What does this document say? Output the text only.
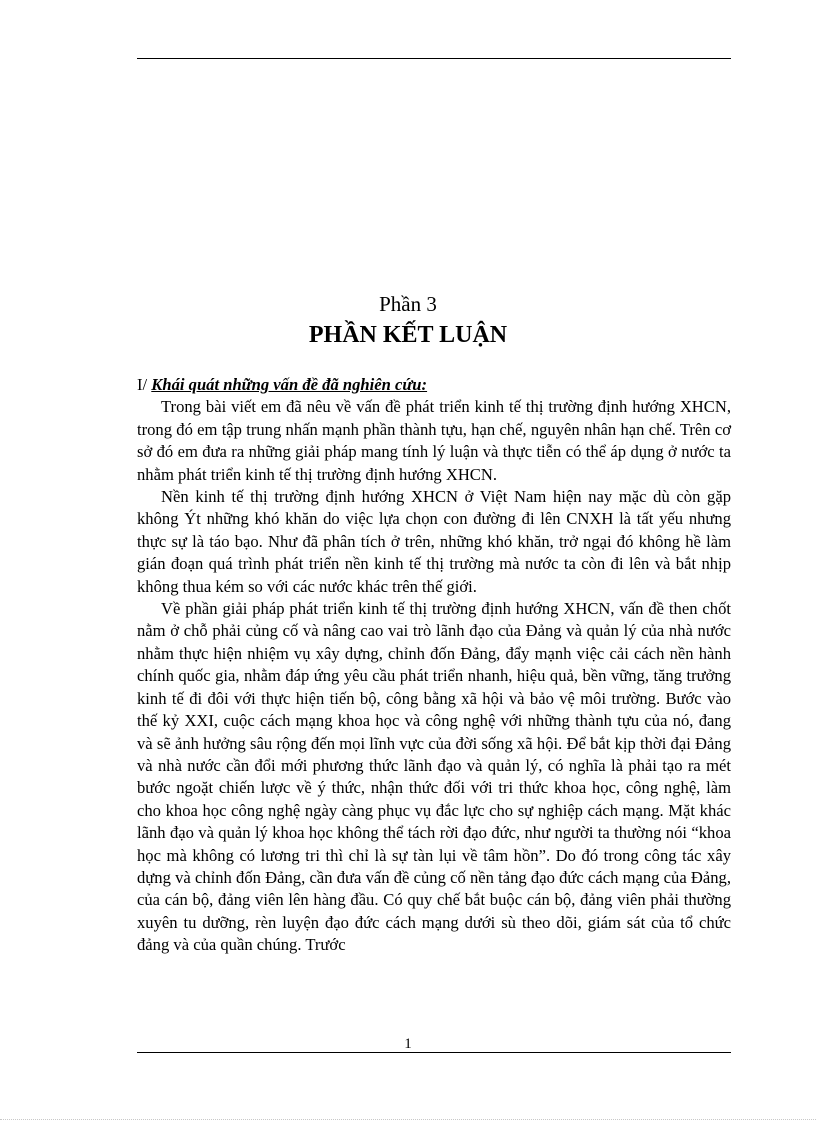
Phần 3
PHẦN KẾT LUẬN

I/ Khái quát những vấn đề đã nghiên cứu:

Trong bài viết em đã nêu về vấn đề phát triển kinh tế thị trường định hướng XHCN, trong đó em tập trung nhấn mạnh phần thành tựu, hạn chế, nguyên nhân hạn chế. Trên cơ sở đó em đưa ra những giải pháp mang tính lý luận và thực tiễn có thể áp dụng ở nước ta nhằm phát triển kinh tế thị trường định hướng XHCN.

Nền kinh tế thị trường định hướng XHCN ở Việt Nam hiện nay mặc dù còn gặp không Ýt những khó khăn do việc lựa chọn con đường đi lên CNXH là tất yếu nhưng thực sự là táo bạo. Như đã phân tích ở trên, những khó khăn, trở ngại đó không hề làm gián đoạn quá trình phát triển nền kinh tế thị trường mà nước ta còn đi lên và bắt nhịp không thua kém so với các nước khác trên thế giới.

Về phần giải pháp phát triển kinh tế thị trường định hướng XHCN, vấn đề then chốt nằm ở chỗ phải củng cố và nâng cao vai trò lãnh đạo của Đảng và quản lý của nhà nước nhằm thực hiện nhiệm vụ xây dựng, chỉnh đốn Đảng, đẩy mạnh việc cải cách nền hành chính quốc gia, nhằm đáp ứng yêu cầu phát triển nhanh, hiệu quả, bền vững, tăng trưởng kinh tế đi đôi với thực hiện tiến bộ, công bằng xã hội và bảo vệ môi trường. Bước vào thế kỷ XXI, cuộc cách mạng khoa học và công nghệ với những thành tựu của nó, đang và sẽ ảnh hưởng sâu rộng đến mọi lĩnh vực của đời sống xã hội. Để bắt kịp thời đại Đảng và nhà nước cần đổi mới phương thức lãnh đạo và quản lý, có nghĩa là phải tạo ra mét bước ngoặt chiến lược về ý thức, nhận thức đối với tri thức khoa học, công nghệ, làm cho khoa học công nghệ ngày càng phục vụ đắc lực cho sự nghiệp cách mạng. Mặt khác lãnh đạo và quản lý khoa học không thể tách rời đạo đức, như người ta thường nói “khoa học mà không có lương tri thì chỉ là sự tàn lụi về tâm hồn”. Do đó trong công tác xây dựng và chỉnh đốn Đảng, cần đưa vấn đề củng cố nền tảng đạo đức cách mạng của Đảng, của cán bộ, đảng viên lên hàng đầu. Có quy chế bắt buộc cán bộ, đảng viên phải thường xuyên tu dưỡng, rèn luyện đạo đức cách mạng dưới sù theo dõi, giám sát của tổ chức đảng và của quần chúng. Trước

1
